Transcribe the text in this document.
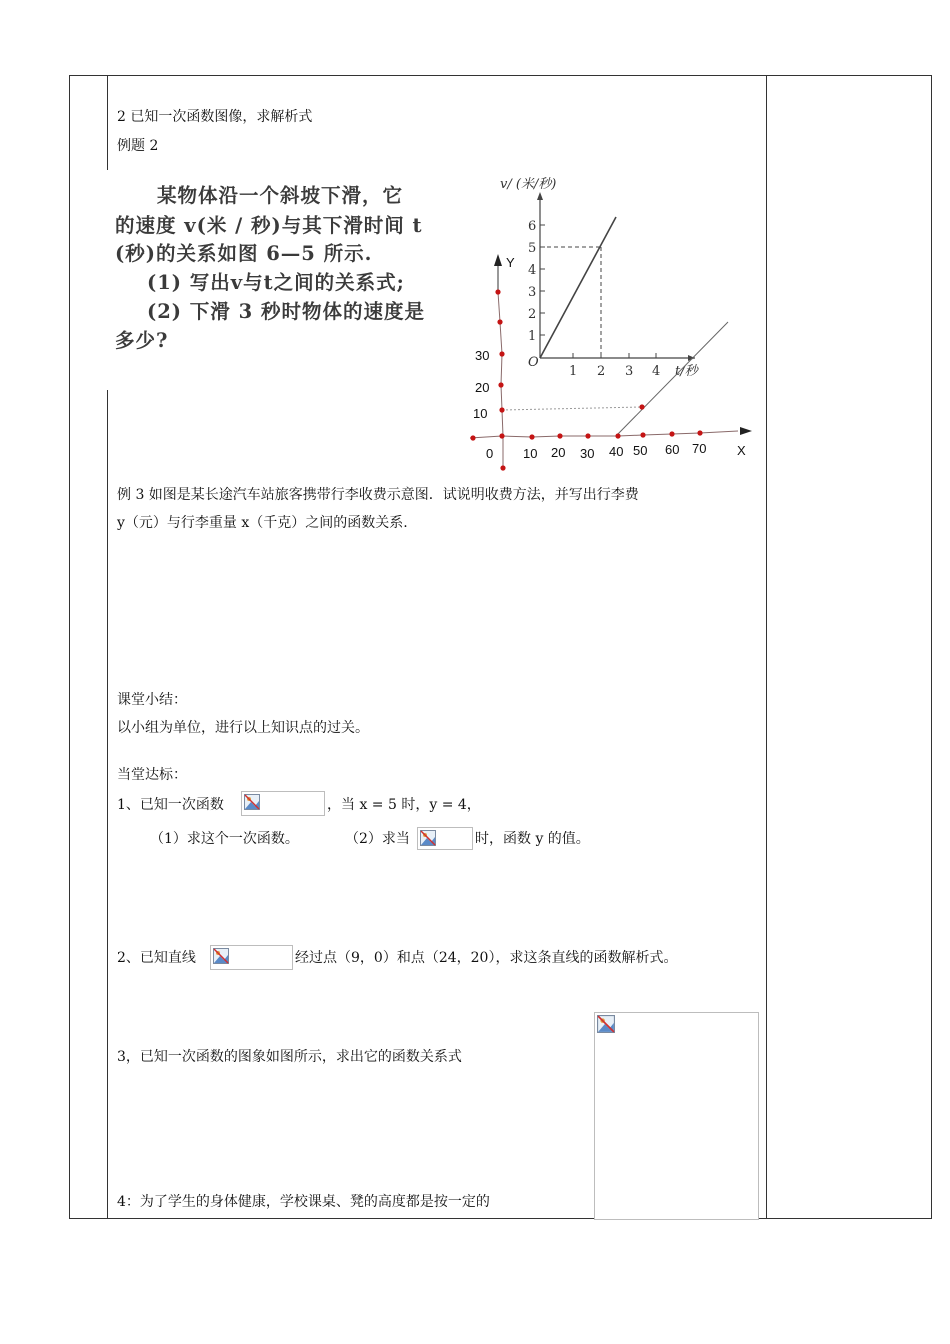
2 已知一次函数图像，求解析式
例题 2
某物体沿一个斜坡下滑，它
的速度 v(米 / 秒)与其下滑时间 t
(秒)的关系如图 6—5 所示.
(1) 写出v与t之间的关系式;
(2) 下滑 3 秒时物体的速度是
多少?
v/ (米/秒)
t/秒
O
1
2
3
4
5
6
1 2 3 4
Y
X
30
20
10
0 10 20 30 40 50 60 70
例 3 如图是某长途汽车站旅客携带行李收费示意图．试说明收费方法，并写出行李费
y（元）与行李重量 x（千克）之间的函数关系.
课堂小结：
以小组为单位，进行以上知识点的过关。
当堂达标：
1、已知一次函数	，当 x = 5 时，y = 4，
（1）求这个一次函数。	（2）求当	时，函数 y 的值。
2、已知直线	经过点（9，0）和点（24，20），求这条直线的函数解析式。
3，已知一次函数的图象如图所示，求出它的函数关系式
4：为了学生的身体健康，学校课桌、凳的高度都是按一定的
